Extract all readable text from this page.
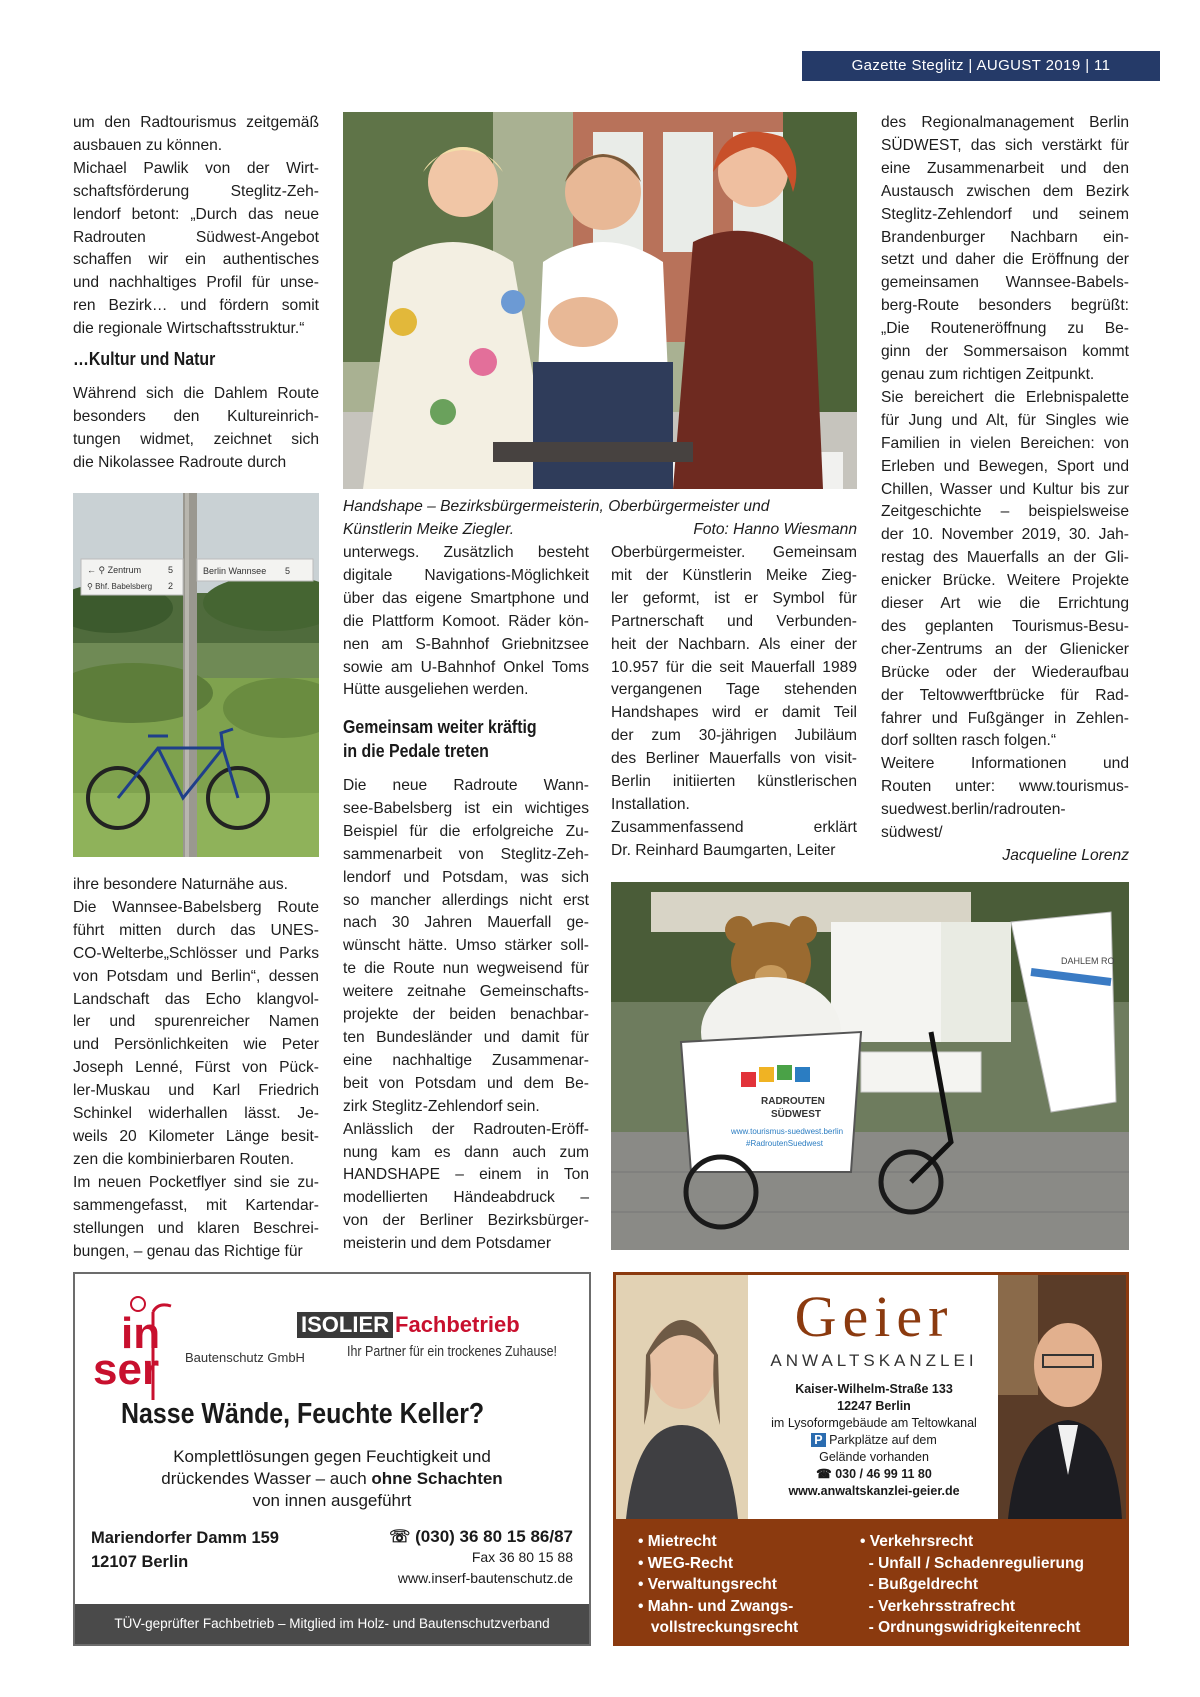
Gazette Steglitz | AUGUST 2019 | 11
um den Radtourismus zeitgemäß
ausbauen zu können.
Michael Pawlik von der Wirt-
schaftsförderung Steglitz-Zeh-
lendorf betont: „Durch das neue
Radrouten Südwest-Angebot
schaffen wir ein authentisches
und nachhaltiges Profil für unse-
ren Bezirk… und fördern somit
die regionale Wirtschaftsstruktur.“
…Kultur und Natur
Während sich die Dahlem Route
besonders den Kultureinrich-
tungen widmet, zeichnet sich
die Nikolassee Radroute durch
← ⚲ Zentrum	5
⚲ Bhf. Babelsberg 2
Berlin Wannsee 5
ihre besondere Naturnähe aus.
Die Wannsee-Babelsberg Route
führt mitten durch das UNES-
CO-Welterbe„Schlösser und Parks
von Potsdam und Berlin“, dessen
Landschaft das Echo klangvol-
ler und spurenreicher Namen
und Persönlichkeiten wie Peter
Joseph Lenné, Fürst von Pück-
ler-Muskau und Karl Friedrich
Schinkel widerhallen lässt. Je-
weils 20 Kilometer Länge besit-
zen die kombinierbaren Routen.
Im neuen Pocketflyer sind sie zu-
sammengefasst, mit Kartendar-
stellungen und klaren Beschrei-
bungen, – genau das Richtige für
Handshape – Bezirksbürgermeisterin, Oberbürgermeister und
Künstlerin Meike Ziegler.	Foto: Hanno Wiesmann
unterwegs. Zusätzlich besteht
digitale Navigations-Möglichkeit
über das eigene Smartphone und
die Plattform Komoot. Räder kön-
nen am S-Bahnhof Griebnitzsee
sowie am U-Bahnhof Onkel Toms
Hütte ausgeliehen werden.
Gemeinsam weiter kräftig
in die Pedale treten
Die neue Radroute Wann-
see-Babelsberg ist ein wichtiges
Beispiel für die erfolgreiche Zu-
sammenarbeit von Steglitz-Zeh-
lendorf und Potsdam, was sich
so mancher allerdings nicht erst
nach 30 Jahren Mauerfall ge-
wünscht hätte. Umso stärker soll-
te die Route nun wegweisend für
weitere zeitnahe Gemeinschafts-
projekte der beiden benachbar-
ten Bundesländer und damit für
eine nachhaltige Zusammenar-
beit von Potsdam und dem Be-
zirk Steglitz-Zehlendorf sein.
Anlässlich der Radrouten-Eröff-
nung kam es dann auch zum
HANDSHAPE – einem in Ton
modellierten Händeabdruck –
von der Berliner Bezirksbürger-
meisterin und dem Potsdamer
Oberbürgermeister. Gemeinsam
mit der Künstlerin Meike Zieg-
ler geformt, ist er Symbol für
Partnerschaft und Verbunden-
heit der Nachbarn. Als einer der
10.957 für die seit Mauerfall 1989
vergangenen Tage stehenden
Handshapes wird er damit Teil
der zum 30-jährigen Jubiläum
des Berliner Mauerfalls von visit-
Berlin initiierten künstlerischen
Installation.
Zusammenfassend erklärt
Dr. Reinhard Baumgarten, Leiter
DAHLEM RO
RADROUTEN
SÜDWEST
www.tourismus-suedwest.berlin
#RadroutenSuedwest
des Regionalmanagement Berlin
SÜDWEST, das sich verstärkt für
eine Zusammenarbeit und den
Austausch zwischen dem Bezirk
Steglitz-Zehlendorf und seinem
Brandenburger Nachbarn ein-
setzt und daher die Eröffnung der
gemeinsamen Wannsee-Babels-
berg-Route besonders begrüßt:
„Die Routeneröffnung zu Be-
ginn der Sommersaison kommt
genau zum richtigen Zeitpunkt.
Sie bereichert die Erlebnispalette
für Jung und Alt, für Singles wie
Familien in vielen Bereichen: von
Erleben und Bewegen, Sport und
Chillen, Wasser und Kultur bis zur
Zeitgeschichte – beispielsweise
der 10. November 2019, 30. Jah-
restag des Mauerfalls an der Gli-
enicker Brücke. Weitere Projekte
dieser Art wie die Errichtung
des geplanten Tourismus-Besu-
cher-Zentrums an der Glienicker
Brücke oder der Wiederaufbau
der Teltowwerftbrücke für Rad-
fahrer und Fußgänger in Zehlen-
dorf sollten rasch folgen.“
Weitere Informationen und
Routen unter: www.tourismus-
suedwest.berlin/radrouten-
südwest/
Jacqueline Lorenz
in
ser Bautenschutz GmbH
ISOLIER Fachbetrieb
Ihr Partner für ein trockenes Zuhause!
Nasse Wände, Feuchte Keller?
Komplettlösungen gegen Feuchtigkeit und
drückendes Wasser – auch ohne Schachten
von innen ausgeführt
Mariendorfer Damm 159
12107 Berlin
☏ (030) 36 80 15 86/87
Fax 36 80 15 88
www.inserf-bautenschutz.de
TÜV-geprüfter Fachbetrieb – Mitglied im Holz- und Bautenschutzverband
Geier
ANWALTSKANZLEI
Kaiser-Wilhelm-Straße 133
12247 Berlin
im Lysoformgebäude am Teltowkanal
P Parkplätze auf dem
Gelände vorhanden
☎ 030 / 46 99 11 80
www.anwaltskanzlei-geier.de
• Mietrecht
• WEG-Recht
• Verwaltungsrecht
• Mahn- und Zwangs-
vollstreckungsrecht
• Verkehrsrecht
- Unfall / Schadenregulierung
- Bußgeldrecht
- Verkehrsstrafrecht
- Ordnungswidrigkeitenrecht
